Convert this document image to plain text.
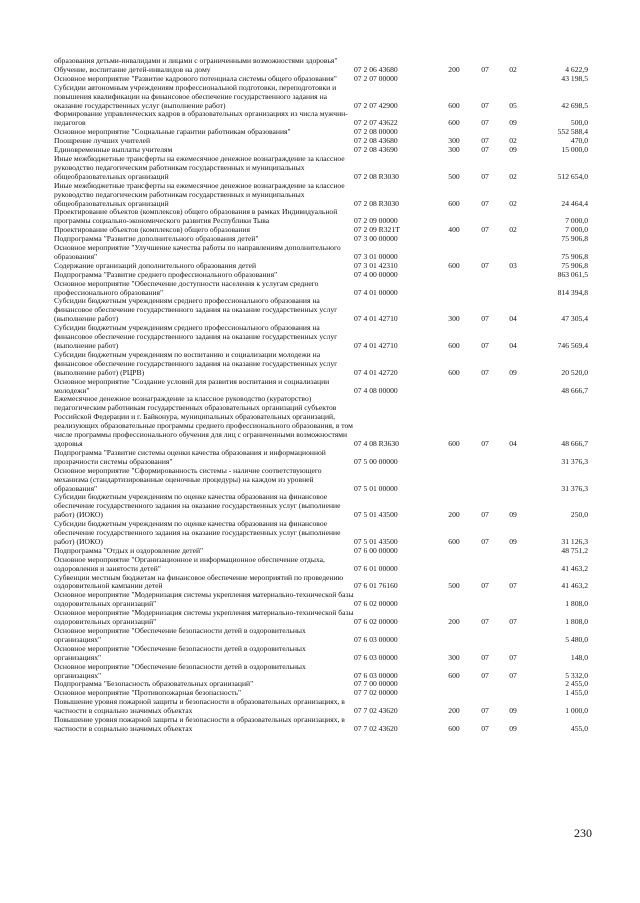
образования детьми-инвалидами и лицами с ограниченными возможностями здоровья"					
Обучение, воспитание детей-инвалидов на дому	07 2 06 43680	200	07	02	4 622,9
Основное мероприятие "Развитие кадрового потенциала системы общего образования"	07 2 07 00000				43 198,5
Субсидии автономным учреждениям профессиональной подготовки, переподготовки и повышения квалификации на финансовое обеспечение государственного задания на оказание государственных услуг (выполнение работ)	07 2 07 42900	600	07	05	42 698,5
Формирование управленческих кадров в образовательных организациях из числа мужчин-педагогов	07 2 07 43622	600	07	09	500,0
Основное мероприятие "Социальные гарантии работникам образования"	07 2 08 00000				552 588,4
Поощрение лучших учителей	07 2 08 43680	300	07	02	470,0
Единовременные выплаты учителям	07 2 08 43690	300	07	09	15 000,0
Иные межбюджетные трансферты на ежемесячное денежное вознаграждение за классное руководство педагогическим работникам государственных и муниципальных общеобразовательных организаций	07 2 08 R3030	500	07	02	512 654,0
Иные межбюджетные трансферты на ежемесячное денежное вознаграждение за классное руководство педагогическим работникам государственных и муниципальных общеобразовательных организаций	07 2 08 R3030	600	07	02	24 464,4
Проектирование объектов (комплексов) общего образования в рамках Индивидуальной программы социально-экономического развития Республики Тыва	07 2 09 00000				7 000,0
Проектирование объектов (комплексов) общего образования	07 2 09 R321T	400	07	02	7 000,0
Подпрограмма "Развитие дополнительного образования детей"	07 3 00 00000				75 906,8
Основное мероприятие "Улучшение качества работы по направлениям дополнительного образования"	07 3 01 00000				75 906,8
Содержание организаций дополнительного образования детей	07 3 01 42310	600	07	03	75 906,8
Подпрограмма "Развитие среднего профессионального образования"	07 4 00 00000				863 061,5
Основное мероприятие "Обеспечение доступности населения к услугам среднего профессионального образования"	07 4 01 00000				814 394,8
Субсидии бюджетным учреждениям среднего профессионального образования на финансовое обеспечение государственного задания на оказание государственных услуг (выполнение работ)	07 4 01 42710	300	07	04	47 305,4
Субсидии бюджетным учреждениям среднего профессионального образования на финансовое обеспечение государственного задания на оказание государственных услуг (выполнение работ)	07 4 01 42710	600	07	04	746 569,4
Субсидии бюджетным учреждениям по воспитанию и социализации молодежи на финансовое обеспечение государственного задания на оказание государственных услуг (выполнение работ) (РЦРВ)	07 4 01 42720	600	07	09	20 520,0
Основное мероприятие "Создание условий для развития воспитания и социализации молодежи"	07 4 08 00000				48 666,7
Ежемесячное денежное вознаграждение за классное руководство (кураторство) педагогическим работникам государственных образовательных организаций субъектов Российской Федерации и г. Байконура, муниципальных образовательных организаций, реализующих образовательные программы среднего профессионального образования, в том числе программы профессионального обучения для лиц с ограниченными возможностями здоровья	07 4 08 R3630	600	07	04	48 666,7
Подпрограмма "Развитие системы оценки качества образования и информационной прозрачности системы образования"	07 5 00 00000				31 376,3
Основное мероприятие "Сформированность системы - наличие соответствующего механизма (стандартизированные оценочные процедуры) на каждом из уровней образования"	07 5 01 00000				31 376,3
Субсидии бюджетным учреждениям по оценке качества образования на финансовое обеспечение государственного задания на оказание государственных услуг (выполнение работ) (ИОКО)	07 5 01 43500	200	07	09	250,0
Субсидии бюджетным учреждениям по оценке качества образования на финансовое обеспечение государственного задания на оказание государственных услуг (выполнение работ) (ИОКО)	07 5 01 43500	600	07	09	31 126,3
Подпрограмма "Отдых и оздоровление детей"	07 6 00 00000				48 751,2
Основное мероприятие "Организационное и информационное обеспечение отдыха, оздоровления и занятости детей"	07 6 01 00000				41 463,2
Субвенции местным бюджетам на финансовое обеспечение мероприятий по проведению оздоровительной кампании детей	07 6 01 76160	500	07	07	41 463,2
Основное мероприятие "Модернизация системы укрепления материально-технической базы оздоровительных организаций"	07 6 02 00000				1 808,0
Основное мероприятие "Модернизация системы укрепления материально-технической базы оздоровительных организаций"	07 6 02 00000	200	07	07	1 808,0
Основное мероприятие "Обеспечение безопасности детей в оздоровительных организациях"	07 6 03 00000				5 480,0
Основное мероприятие "Обеспечение безопасности детей в оздоровительных организациях"	07 6 03 00000	300	07	07	148,0
Основное мероприятие "Обеспечение безопасности детей в оздоровительных организациях"	07 6 03 00000	600	07	07	5 332,0
Подпрограмма "Безопасность образовательных организаций"	07 7 00 00000				2 455,0
Основное мероприятие "Противопожарная безопасность"	07 7 02 00000				1 455,0
Повышение уровня пожарной защиты и безопасности в образовательных организациях, в частности в социально значимых объектах	07 7 02 43620	200	07	09	1 000,0
Повышение уровня пожарной защиты и безопасности в образовательных организациях, в частности в социально значимых объектах	07 7 02 43620	600	07	09	455,0
230
